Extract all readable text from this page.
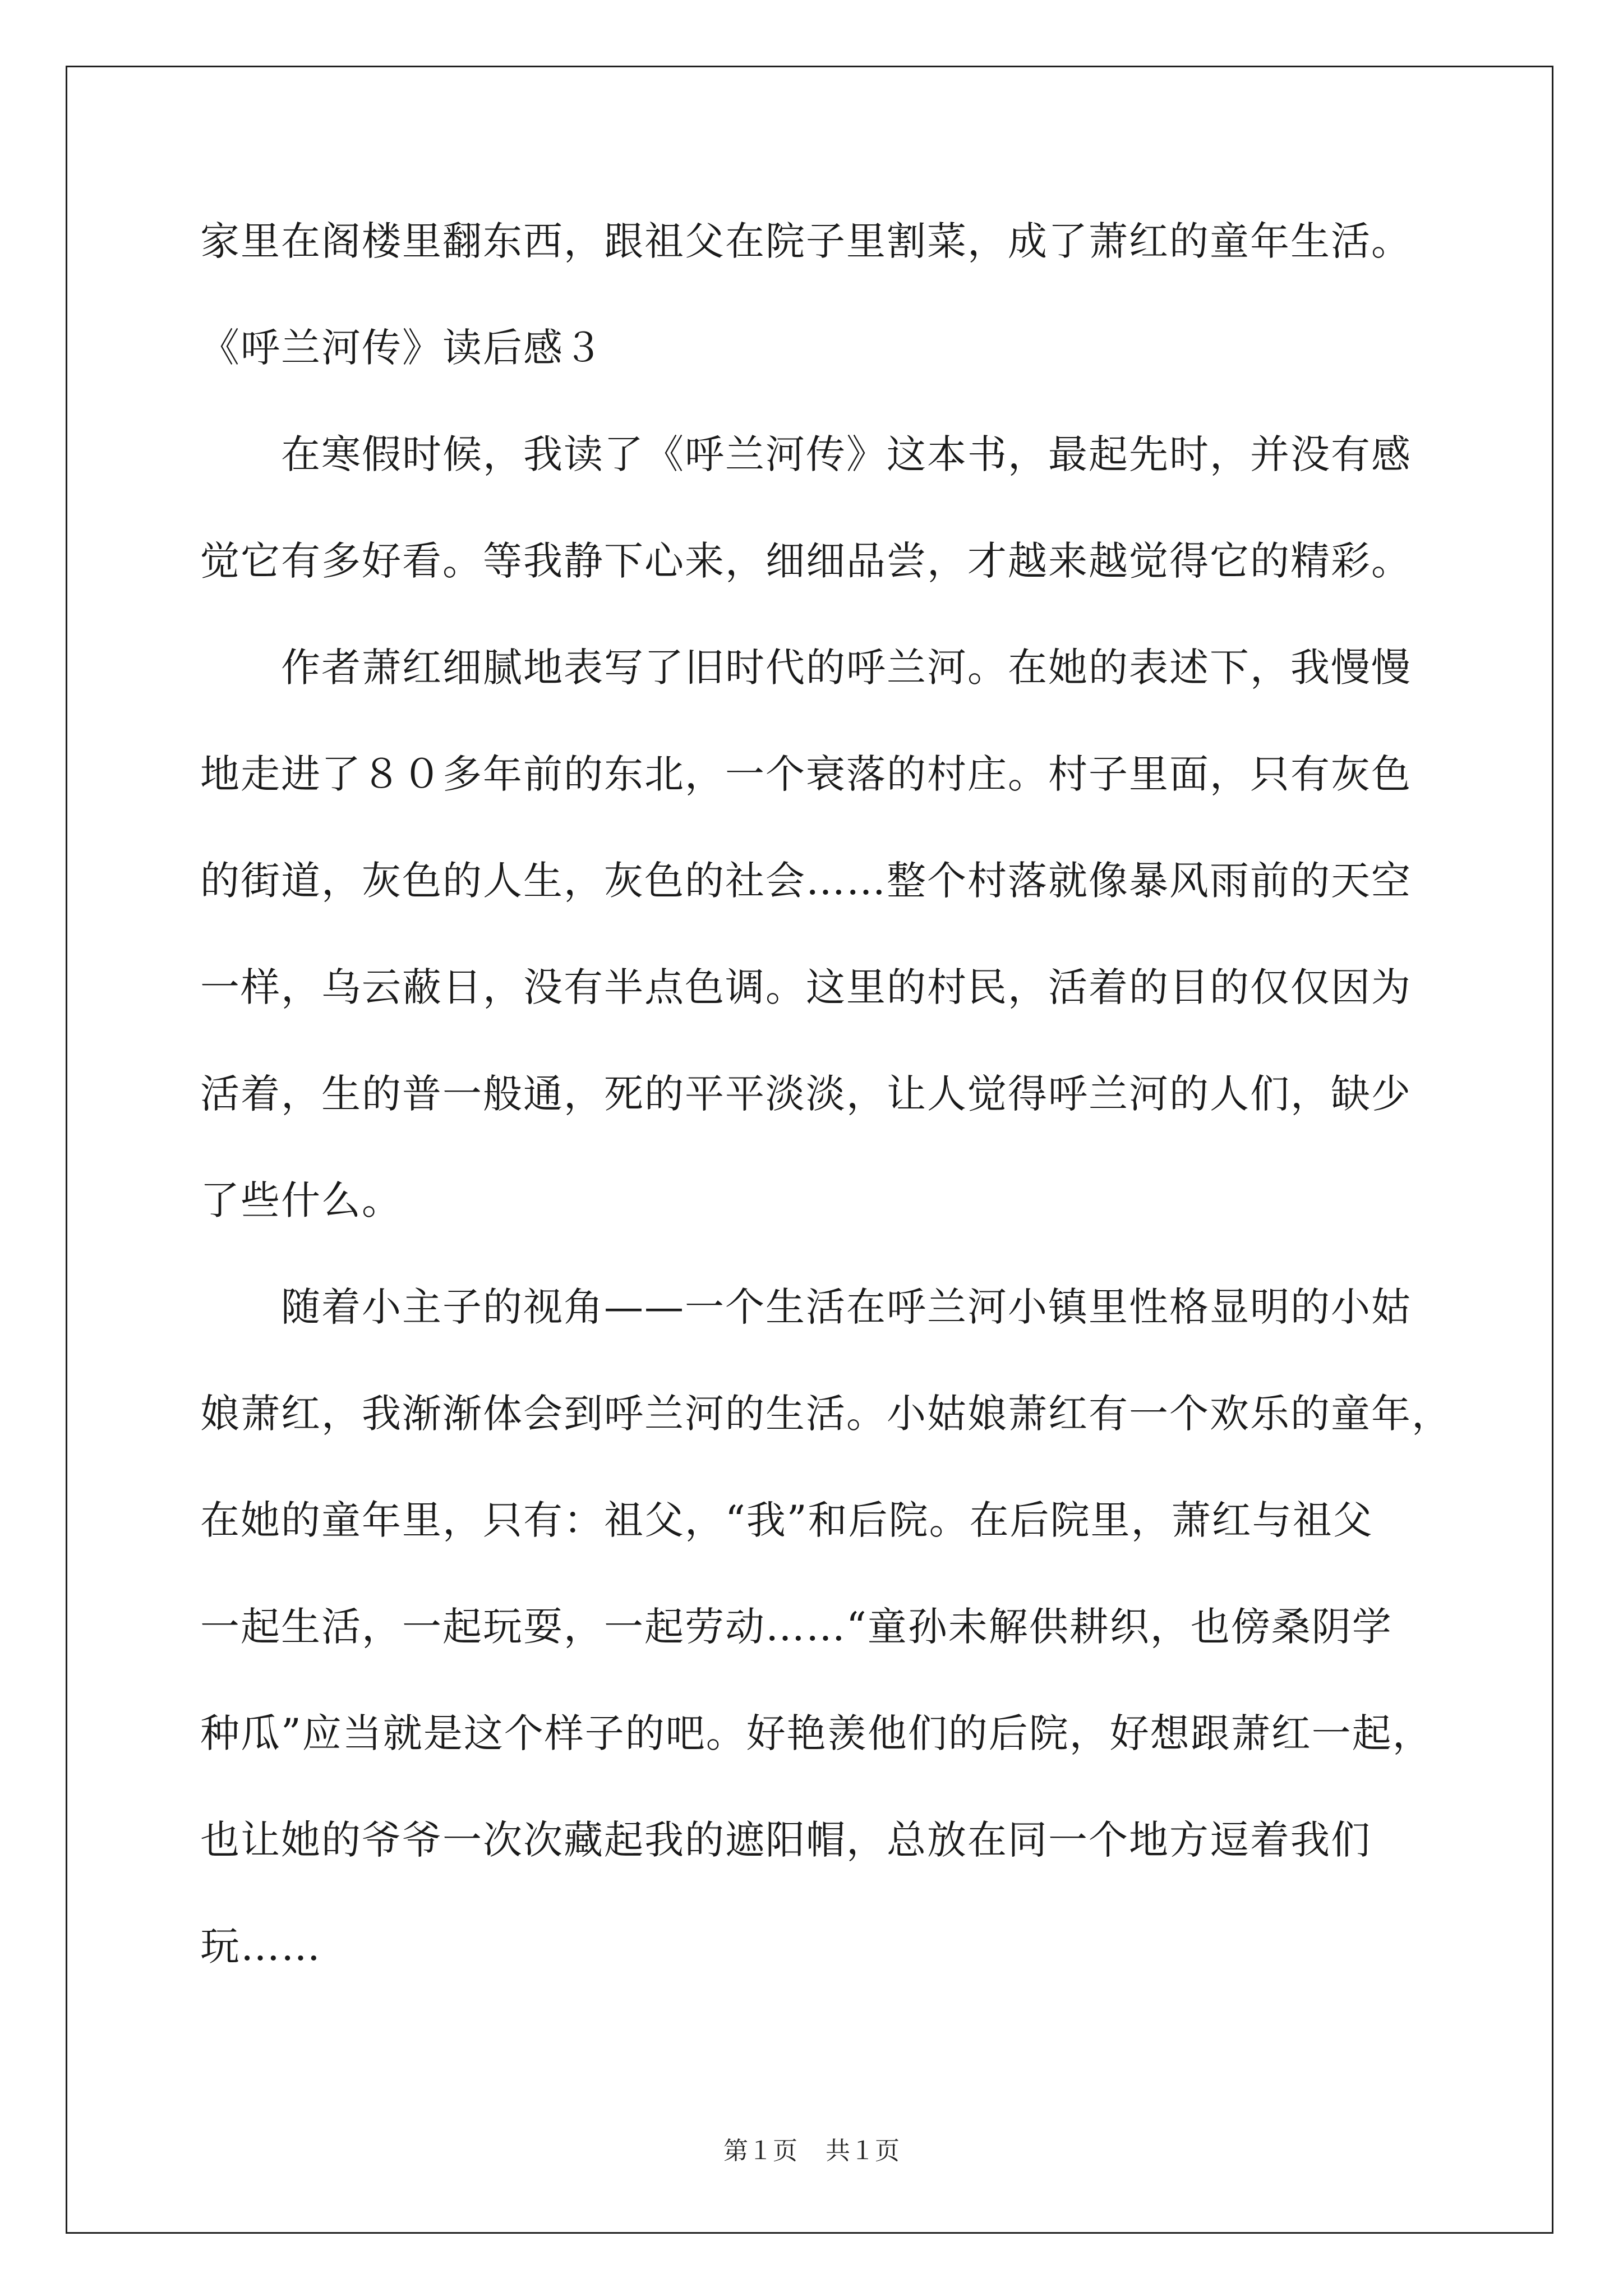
家里在阁楼里翻东西，跟祖父在院子里割菜，成了萧红的童年生活。
《呼兰河传》读后感３
　　在寒假时候，我读了《呼兰河传》这本书，最起先时，并没有感
觉它有多好看。等我静下心来，细细品尝，才越来越觉得它的精彩。
　　作者萧红细腻地表写了旧时代的呼兰河。在她的表述下，我慢慢
地走进了８０多年前的东北，一个衰落的村庄。村子里面，只有灰色
的街道，灰色的人生，灰色的社会……整个村落就像暴风雨前的天空
一样，乌云蔽日，没有半点色调。这里的村民，活着的目的仅仅因为
活着，生的普一般通，死的平平淡淡，让人觉得呼兰河的人们，缺少
了些什么。
　　随着小主子的视角——一个生活在呼兰河小镇里性格显明的小姑
娘萧红，我渐渐体会到呼兰河的生活。小姑娘萧红有一个欢乐的童年，
在她的童年里，只有：祖父，“我”和后院。在后院里，萧红与祖父
一起生活，一起玩耍，一起劳动……“童孙未解供耕织，也傍桑阴学
种瓜”应当就是这个样子的吧。好艳羡他们的后院，好想跟萧红一起，
也让她的爷爷一次次藏起我的遮阳帽，总放在同一个地方逗着我们
玩……
第１页 共１页
